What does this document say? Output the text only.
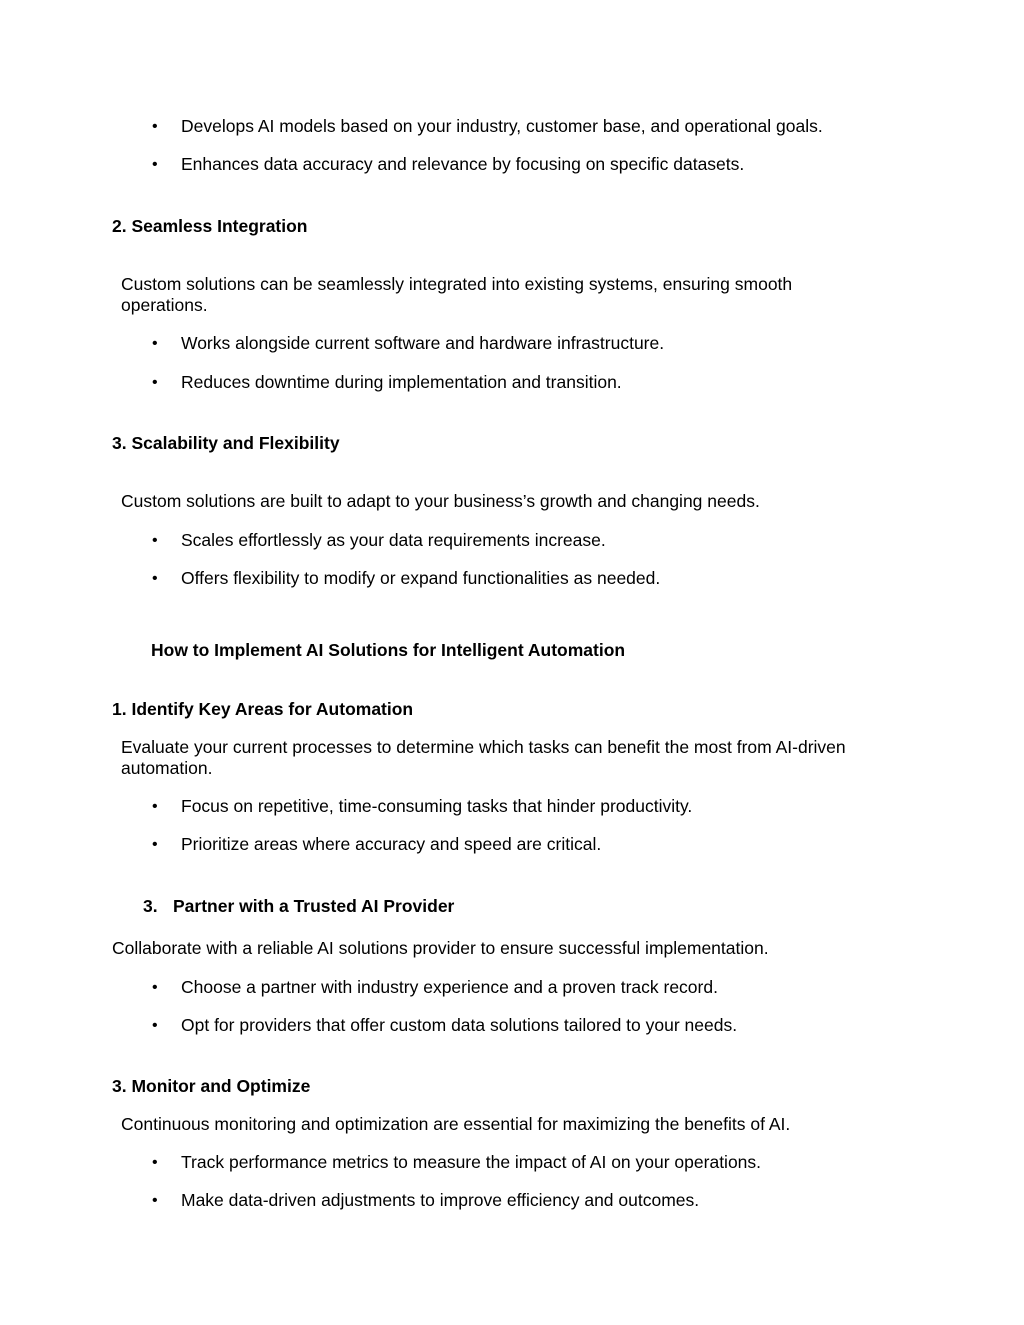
• Develops AI models based on your industry, customer base, and operational goals.
• Enhances data accuracy and relevance by focusing on specific datasets.
2. Seamless Integration
Custom solutions can be seamlessly integrated into existing systems, ensuring smooth
operations.
• Works alongside current software and hardware infrastructure.
• Reduces downtime during implementation and transition.
3. Scalability and Flexibility
Custom solutions are built to adapt to your business’s growth and changing needs.
• Scales effortlessly as your data requirements increase.
• Offers flexibility to modify or expand functionalities as needed.
How to Implement AI Solutions for Intelligent Automation
1. Identify Key Areas for Automation
Evaluate your current processes to determine which tasks can benefit the most from AI-driven
automation.
• Focus on repetitive, time-consuming tasks that hinder productivity.
• Prioritize areas where accuracy and speed are critical.
3. Partner with a Trusted AI Provider
Collaborate with a reliable AI solutions provider to ensure successful implementation.
• Choose a partner with industry experience and a proven track record.
• Opt for providers that offer custom data solutions tailored to your needs.
3. Monitor and Optimize
Continuous monitoring and optimization are essential for maximizing the benefits of AI.
• Track performance metrics to measure the impact of AI on your operations.
• Make data-driven adjustments to improve efficiency and outcomes.
